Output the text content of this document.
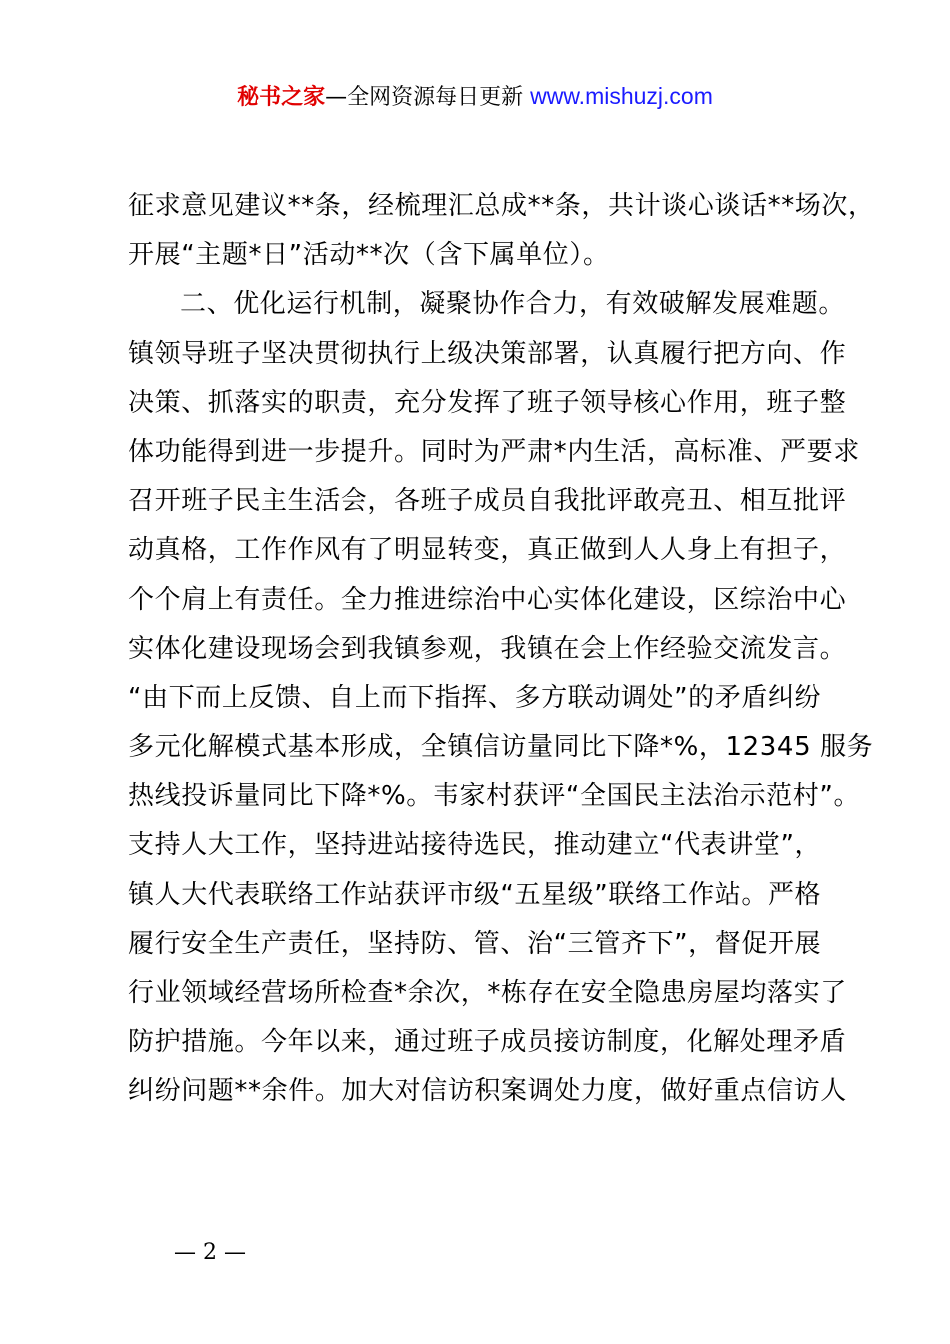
秘书之家—全网资源每日更新 www.mishuzj.com
征求意见建议**条，经梳理汇总成**条，共计谈心谈话**场次，
开展“主题*日”活动**次（含下属单位）。
二、优化运行机制，凝聚协作合力，有效破解发展难题。
镇领导班子坚决贯彻执行上级决策部署，认真履行把方向、作
决策、抓落实的职责，充分发挥了班子领导核心作用，班子整
体功能得到进一步提升。同时为严肃*内生活，高标准、严要求
召开班子民主生活会，各班子成员自我批评敢亮丑、相互批评
动真格，工作作风有了明显转变，真正做到人人身上有担子，
个个肩上有责任。全力推进综治中心实体化建设，区综治中心
实体化建设现场会到我镇参观，我镇在会上作经验交流发言。
“由下而上反馈、自上而下指挥、多方联动调处”的矛盾纠纷
多元化解模式基本形成，全镇信访量同比下降*%，12345 服务
热线投诉量同比下降*%。韦家村获评“全国民主法治示范村”。
支持人大工作，坚持进站接待选民，推动建立“代表讲堂”，
镇人大代表联络工作站获评市级“五星级”联络工作站。严格
履行安全生产责任，坚持防、管、治“三管齐下”，督促开展
行业领域经营场所检查*余次，*栋存在安全隐患房屋均落实了
防护措施。今年以来，通过班子成员接访制度，化解处理矛盾
纠纷问题**余件。加大对信访积案调处力度，做好重点信访人
— 2 —
